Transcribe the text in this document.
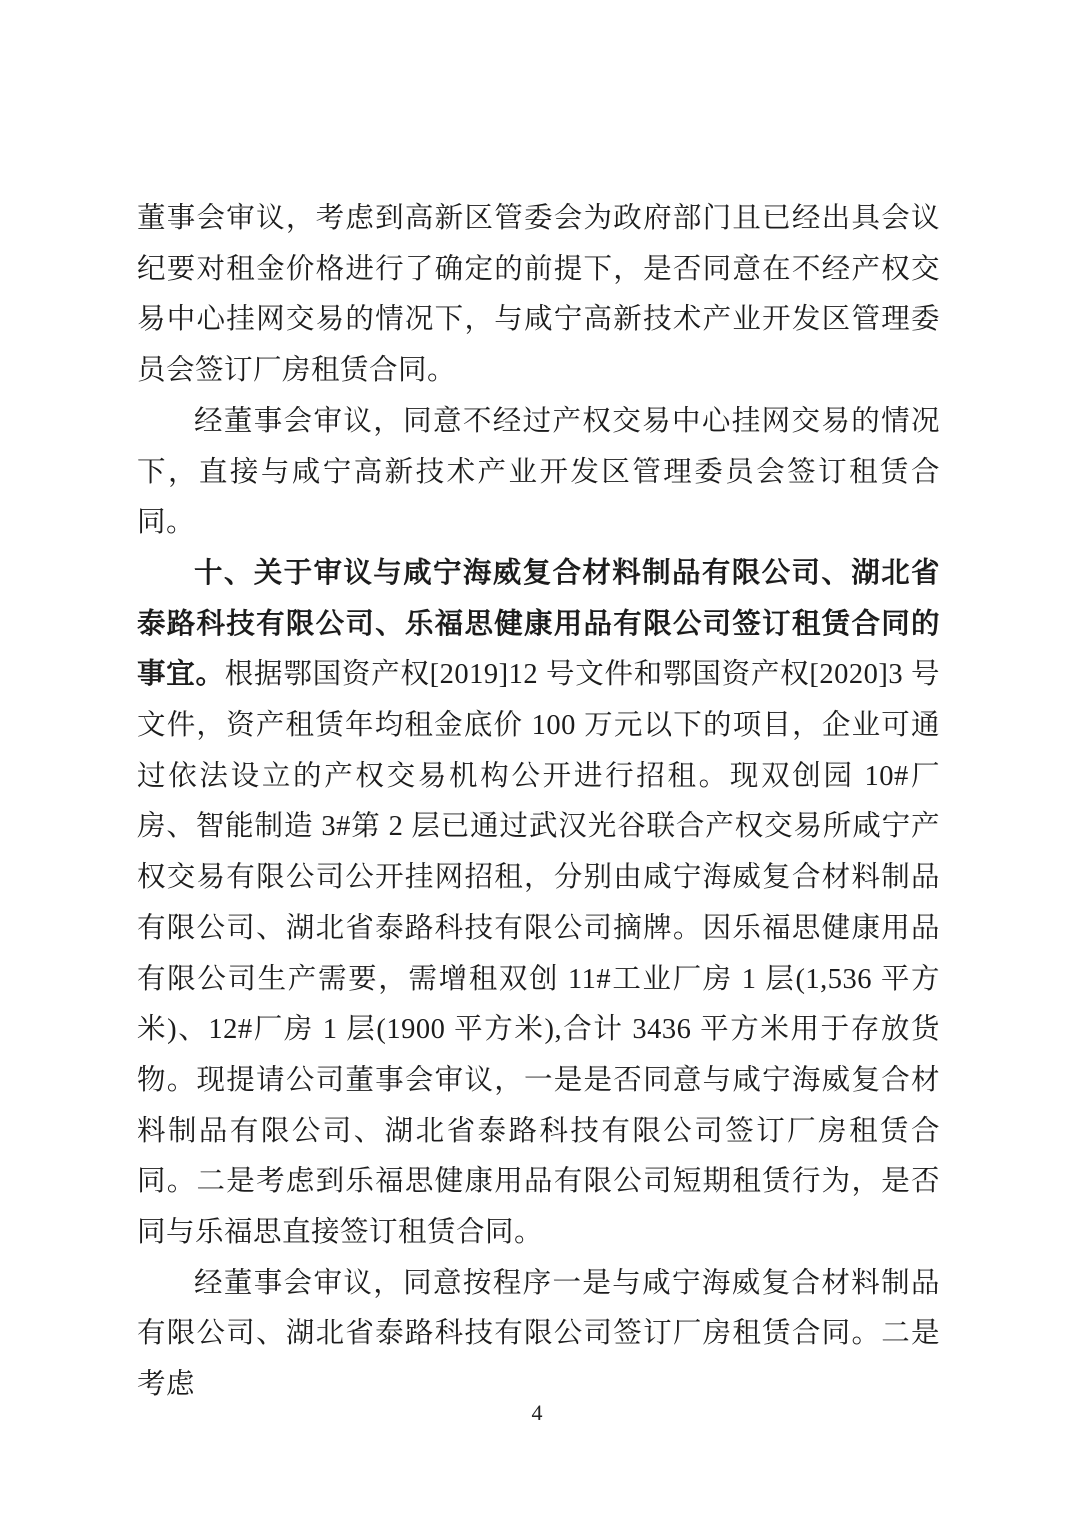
董事会审议，考虑到高新区管委会为政府部门且已经出具会议纪要对租金价格进行了确定的前提下，是否同意在不经产权交易中心挂网交易的情况下，与咸宁高新技术产业开发区管理委员会签订厂房租赁合同。

经董事会审议，同意不经过产权交易中心挂网交易的情况下，直接与咸宁高新技术产业开发区管理委员会签订租赁合同。

十、关于审议与咸宁海威复合材料制品有限公司、湖北省泰路科技有限公司、乐福思健康用品有限公司签订租赁合同的事宜。根据鄂国资产权[2019]12 号文件和鄂国资产权[2020]3 号文件，资产租赁年均租金底价 100 万元以下的项目，企业可通过依法设立的产权交易机构公开进行招租。现双创园 10#厂房、智能制造 3#第 2 层已通过武汉光谷联合产权交易所咸宁产权交易有限公司公开挂网招租，分别由咸宁海威复合材料制品有限公司、湖北省泰路科技有限公司摘牌。因乐福思健康用品有限公司生产需要，需增租双创 11#工业厂房 1 层(1,536 平方米)、12#厂房 1 层(1900 平方米),合计 3436 平方米用于存放货物。现提请公司董事会审议，一是是否同意与咸宁海威复合材料制品有限公司、湖北省泰路科技有限公司签订厂房租赁合同。二是考虑到乐福思健康用品有限公司短期租赁行为，是否同与乐福思直接签订租赁合同。

经董事会审议，同意按程序一是与咸宁海威复合材料制品有限公司、湖北省泰路科技有限公司签订厂房租赁合同。二是考虑

4
